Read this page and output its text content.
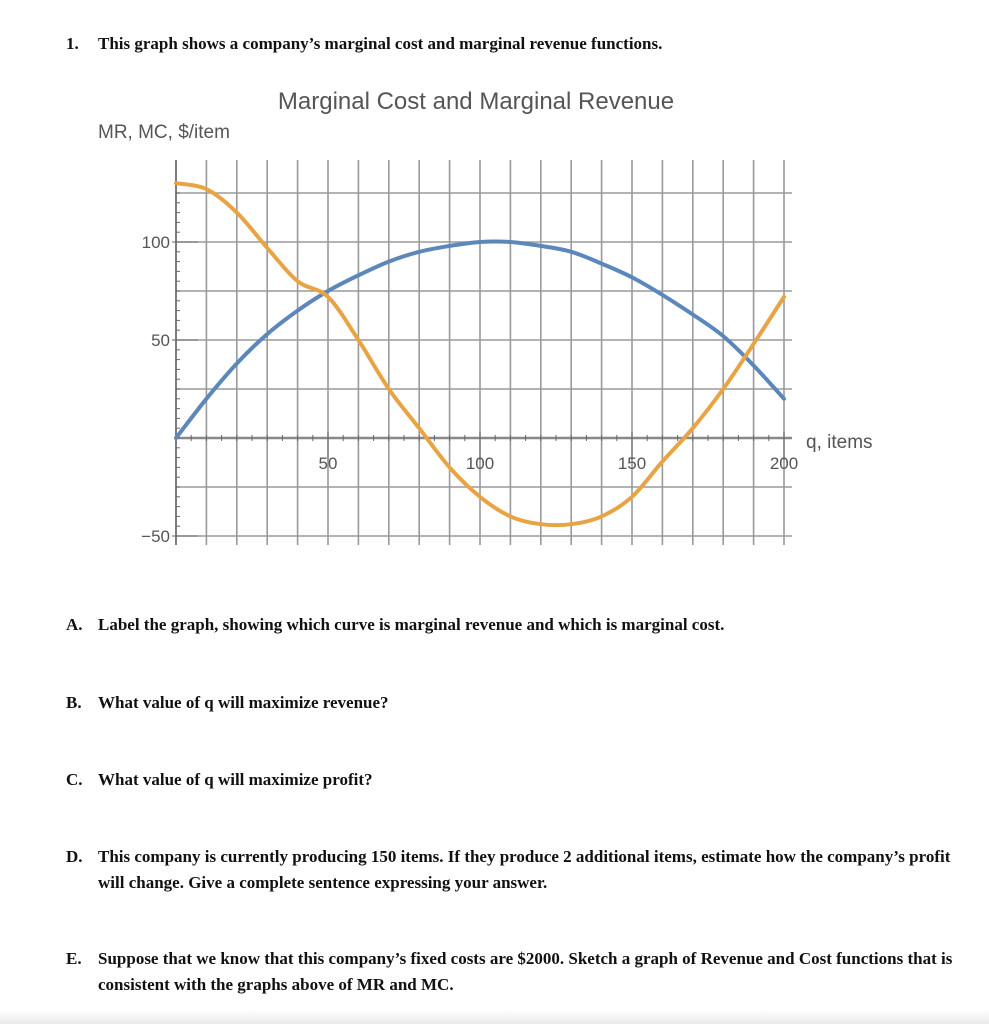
1. This graph shows a company’s marginal cost and marginal revenue functions.
50	100	150	200
−50
50
100
Marginal Cost and Marginal Revenue
MR, MC, $/item
q, items
A. Label the graph, showing which curve is marginal revenue and which is marginal cost.
B. What value of q will maximize revenue?
C. What value of q will maximize profit?
D. This company is currently producing 150 items. If they produce 2 additional items, estimate how the company’s profit will change. Give a complete sentence expressing your answer.
E. Suppose that we know that this company’s fixed costs are $2000. Sketch a graph of Revenue and Cost functions that is consistent with the graphs above of MR and MC.
